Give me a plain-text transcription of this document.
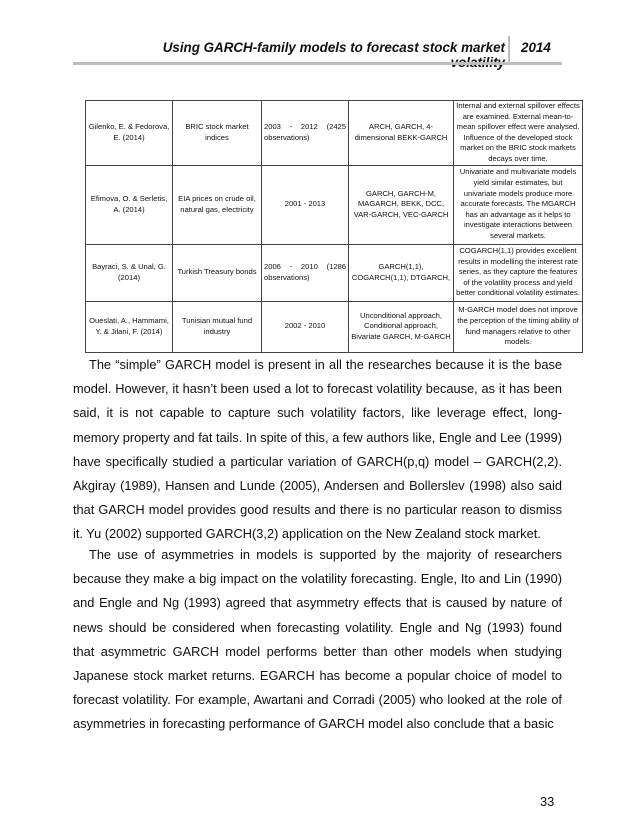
Using GARCH-family models to forecast stock market 2014
Gilenko, E. & Fedorova, E. (2014)	BRIC stock market indices	2003 - 2012 (2425 observations)	ARCH, GARCH, 4-dimensional BEKK-GARCH	Internal and external spillover effects are examined. External mean-to-mean spillover effect were analysed. Influence of the developed stock market on the BRIC stock markets decays over time.
Efimova, O. & Serletis, A. (2014)	EIA prices on crude oil, natural gas, electricity	2001 - 2013	GARCH, GARCH-M, MAGARCH, BEKK, DCC, VAR-GARCH, VEC-GARCH	Univariate and multivariate models yield similar estimates, but univariate models produce more accurate forecasts. The MGARCH has an advantage as it helps to investigate interactions between several markets.
Bayraci, S. & Unal, G. (2014)	Turkish Treasury bonds	2006 - 2010 (1286 observations)	GARCH(1,1), COGARCH(1,1), DTGARCH,	COGARCH(1,1) provides excellent results in modelling the interest rate series, as they capture the features of the volatility process and yield better conditional volatility estimates.
Oueslati, A., Hammami, Y. & Jilani, F. (2014)	Tunisian mutual fund industry	2002 - 2010	Unconditional approach, Conditional approach, Bivariate GARCH, M-GARCH	M-GARCH model does not improve the perception of the timing ability of fund managers relative to other models.

The “simple” GARCH model is present in all the researches because it is the base model. However, it hasn’t been used a lot to forecast volatility because, as it has been said, it is not capable to capture such volatility factors, like leverage effect, long-memory property and fat tails. In spite of this, a few authors like, Engle and Lee (1999) have specifically studied a particular variation of GARCH(p,q) model – GARCH(2,2). Akgiray (1989), Hansen and Lunde (2005), Andersen and Bollerslev (1998) also said that GARCH model provides good results and there is no particular reason to dismiss it. Yu (2002) supported GARCH(3,2) application on the New Zealand stock market.

The use of asymmetries in models is supported by the majority of researchers because they make a big impact on the volatility forecasting. Engle, Ito and Lin (1990) and Engle and Ng (1993) agreed that asymmetry effects that is caused by nature of news should be considered when forecasting volatility. Engle and Ng (1993) found that asymmetric GARCH model performs better than other models when studying Japanese stock market returns. EGARCH has become a popular choice of model to forecast volatility. For example, Awartani and Corradi (2005) who looked at the role of asymmetries in forecasting performance of GARCH model also conclude that a basic

33
